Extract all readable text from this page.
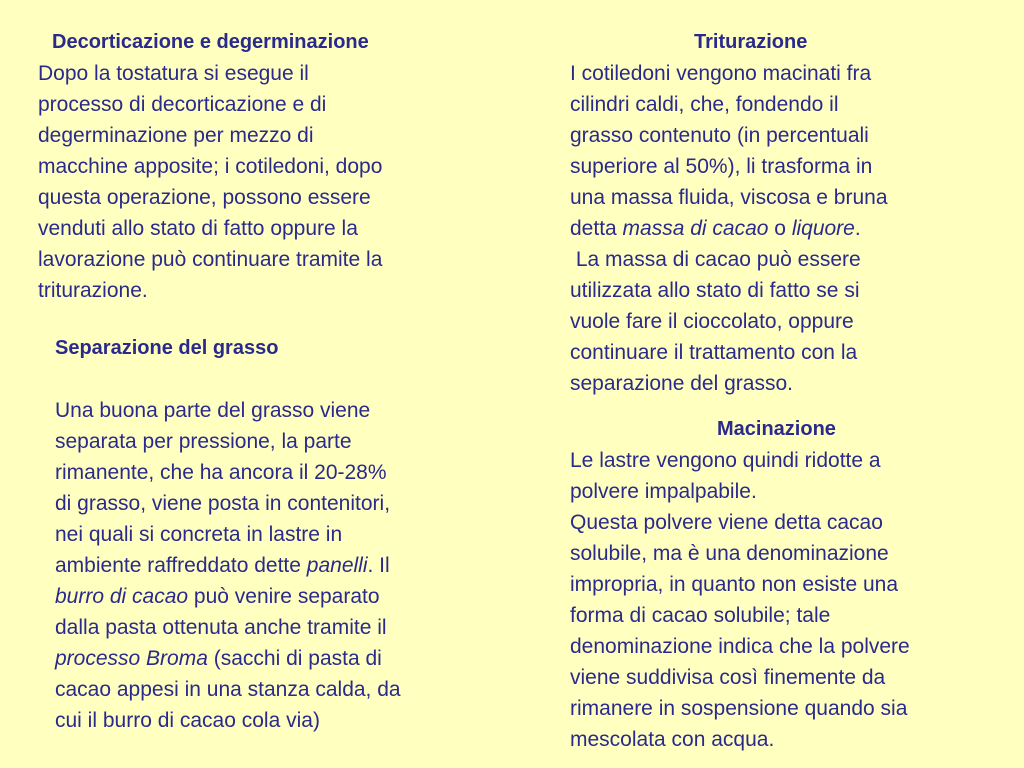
Decorticazione e degerminazione

Dopo la tostatura si esegue il

processo di decorticazione e di

degerminazione per mezzo di

macchine apposite; i cotiledoni, dopo

questa operazione, possono essere

venduti allo stato di fatto oppure la

lavorazione può continuare tramite la

triturazione.

Separazione del grasso

Una buona parte del grasso viene

separata per pressione, la parte

rimanente, che ha ancora il 20-28%

di grasso, viene posta in contenitori,

nei quali si concreta in lastre in

ambiente raffreddato dette panelli. Il

burro di cacao può venire separato

dalla pasta ottenuta anche tramite il

processo Broma (sacchi di pasta di

cacao appesi in una stanza calda, da

cui il burro di cacao cola via)

Triturazione

I cotiledoni vengono macinati fra

cilindri caldi, che, fondendo il

grasso contenuto (in percentuali

superiore al 50%), li trasforma in

una massa fluida, viscosa e bruna

detta massa di cacao o liquore.

La massa di cacao può essere

utilizzata allo stato di fatto se si

vuole fare il cioccolato, oppure

continuare il trattamento con la

separazione del grasso.

Macinazione

Le lastre vengono quindi ridotte a

polvere impalpabile.

Questa polvere viene detta cacao

solubile, ma è una denominazione

impropria, in quanto non esiste una

forma di cacao solubile; tale

denominazione indica che la polvere

viene suddivisa così finemente da

rimanere in sospensione quando sia

mescolata con acqua.
